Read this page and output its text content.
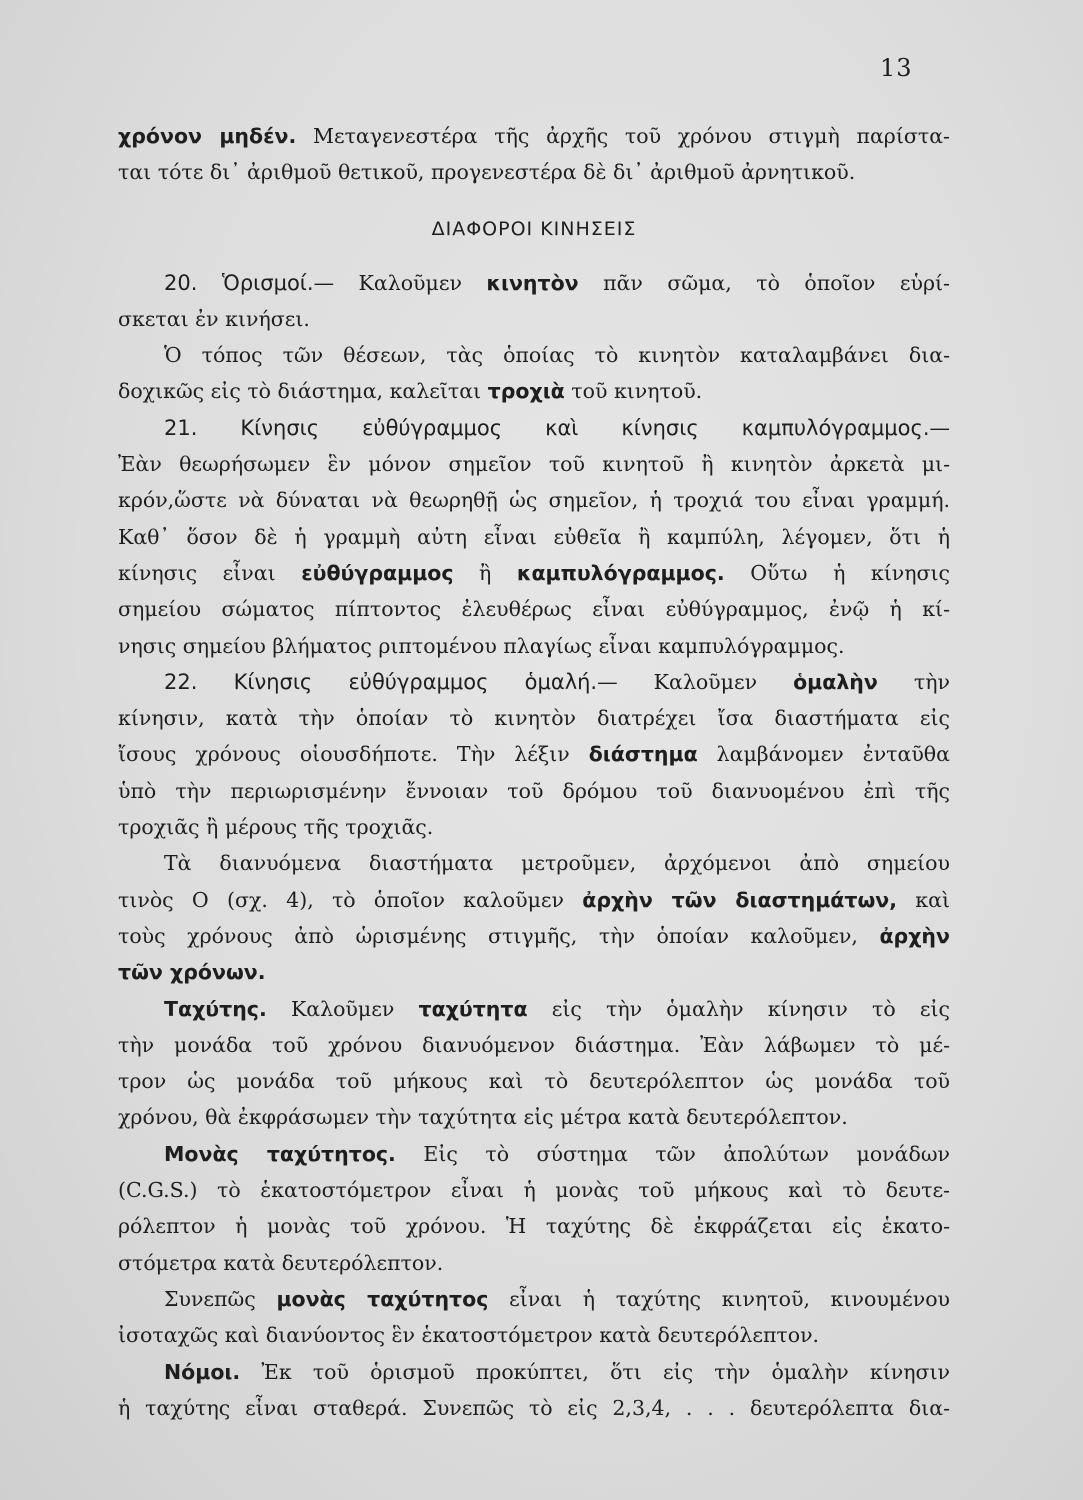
13
χρόνον μηδέν. Μεταγενεστέρα τῆς ἀρχῆς τοῦ χρόνου στιγμὴ παρίστα-
ται τότε δι᾿ ἀριθμοῦ θετικοῦ, προγενεστέρα δὲ δι᾿ ἀριθμοῦ ἀρνητικοῦ.
ΔΙΑΦΟΡΟΙ ΚΙΝΗΣΕΙΣ
20. Ὁρισμοί.— Καλοῦμεν κινητὸν πᾶν σῶμα, τὸ ὁποῖον εὑρί-
σκεται ἐν κινήσει.
Ὁ τόπος τῶν θέσεων, τὰς ὁποίας τὸ κινητὸν καταλαμβάνει δια-
δοχικῶς εἰς τὸ διάστημα, καλεῖται τροχιὰ τοῦ κινητοῦ.
21. Κίνησις εὐθύγραμμος καὶ κίνησις καμπυλόγραμμος.—
Ἐὰν θεωρήσωμεν ἓν μόνον σημεῖον τοῦ κινητοῦ ἢ κινητὸν ἀρκετὰ μι-
κρόν,ὥστε νὰ δύναται νὰ θεωρηθῇ ὡς σημεῖον, ἡ τροχιά του εἶναι γραμμή.
Καθ᾿ ὅσον δὲ ἡ γραμμὴ αὐτη εἶναι εὐθεῖα ἢ καμπύλη, λέγομεν, ὅτι ἡ
κίνησις εἶναι εὐθύγραμμος ἢ καμπυλόγραμμος. Οὕτω ἡ κίνησις
σημείου σώματος πίπτοντος ἐλευθέρως εἶναι εὐθύγραμμος, ἐνῷ ἡ κί-
νησις σημείου βλήματος ριπτομένου πλαγίως εἶναι καμπυλόγραμμος.
22. Κίνησις εὐθύγραμμος ὁμαλή.— Καλοῦμεν ὁμαλὴν τὴν
κίνησιν, κατὰ τὴν ὁποίαν τὸ κινητὸν διατρέχει ἴσα διαστήματα εἰς
ἴσους χρόνους οἱουσδήποτε. Τὴν λέξιν διάστημα λαμβάνομεν ἐνταῦθα
ὑπὸ τὴν περιωρισμένην ἔννοιαν τοῦ δρόμου τοῦ διανυομένου ἐπὶ τῆς
τροχιᾶς ἢ μέρους τῆς τροχιᾶς.
Τὰ διανυόμενα διαστήματα μετροῦμεν, ἀρχόμενοι ἀπὸ σημείου
τινὸς Ο (σχ. 4), τὸ ὁποῖον καλοῦμεν ἀρχὴν τῶν διαστημάτων, καὶ
τοὺς χρόνους ἀπὸ ὡρισμένης στιγμῆς, τὴν ὁποίαν καλοῦμεν, ἀρχὴν
τῶν χρόνων.
Ταχύτης. Καλοῦμεν ταχύτητα εἰς τὴν ὁμαλὴν κίνησιν τὸ εἰς
τὴν μονάδα τοῦ χρόνου διανυόμενον διάστημα. Ἐὰν λάβωμεν τὸ μέ-
τρον ὡς μονάδα τοῦ μήκους καὶ τὸ δευτερόλεπτον ὡς μονάδα τοῦ
χρόνου, θὰ ἐκφράσωμεν τὴν ταχύτητα εἰς μέτρα κατὰ δευτερόλεπτον.
Μονὰς ταχύτητος. Εἰς τὸ σύστημα τῶν ἀπολύτων μονάδων
(C.G.S.) τὸ ἑκατοστόμετρον εἶναι ἡ μονὰς τοῦ μήκους καὶ τὸ δευτε-
ρόλεπτον ἡ μονὰς τοῦ χρόνου. Ἡ ταχύτης δὲ ἐκφράζεται εἰς ἑκατο-
στόμετρα κατὰ δευτερόλεπτον.
Συνεπῶς μονὰς ταχύτητος εἶναι ἡ ταχύτης κινητοῦ, κινουμένου
ἰσοταχῶς καὶ διανύοντος ἓν ἑκατοστόμετρον κατὰ δευτερόλεπτον.
Νόμοι. Ἐκ τοῦ ὁρισμοῦ προκύπτει, ὅτι εἰς τὴν ὁμαλὴν κίνησιν
ἡ ταχύτης εἶναι σταθερά. Συνεπῶς τὸ εἰς 2,3,4, . . . δευτερόλεπτα δια-
